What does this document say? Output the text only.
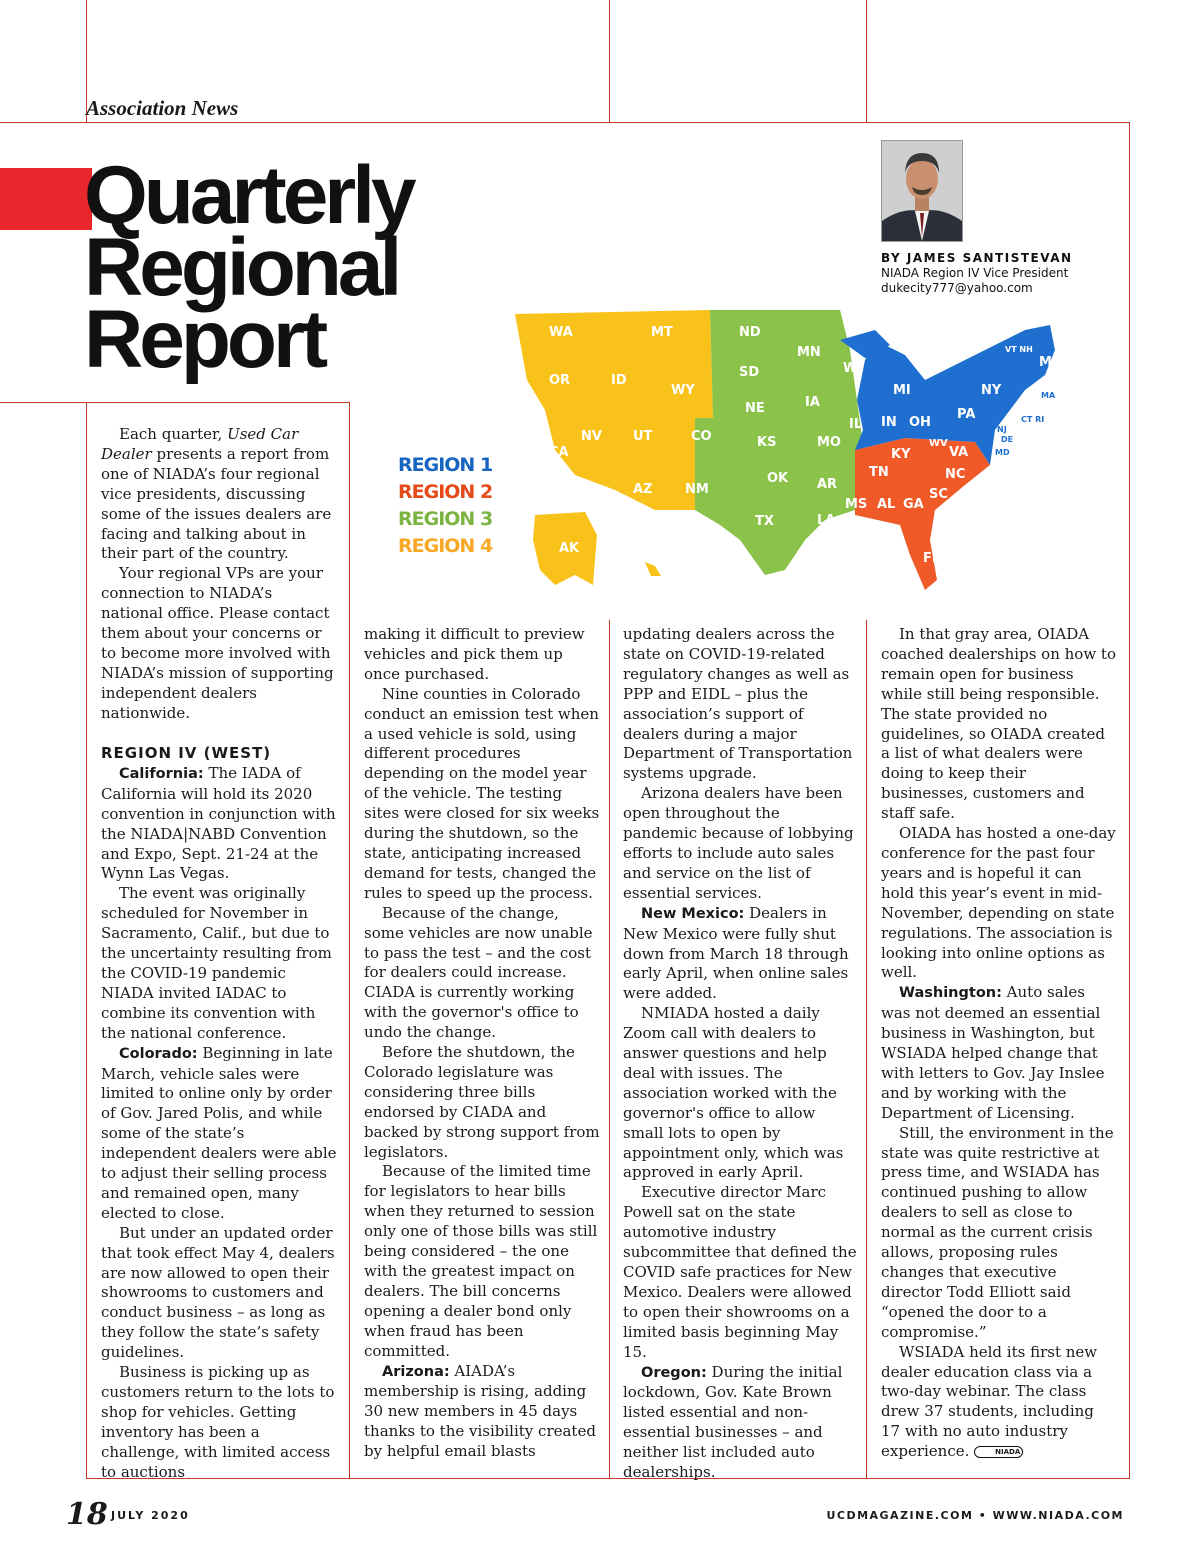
Association News
Quarterly
Regional
Report
BY JAMES SANTISTEVAN
NIADA Region IV Vice President
dukecity777@yahoo.com
WA	MT	ND
MN
SD	WI
OR	ID
WY
NE	IA
IL
NV UT	CO	KS	MO
CA
OK AR
AZ	NM
TX	LA
MS
AK
HI
AL GA
SC
TN
KY
NC
FL
MI
IN OH
PA
NY
WV
VA
ME
VT NH
MA
CT RI
NJ
DE
MD
REGION 1
REGION 2
REGION 3
REGION 4

Each quarter, Used Car Dealer presents a report from one of NIADA’s four regional vice presidents, discussing some of the issues dealers are facing and talking about in their part of the country.

Your regional VPs are your connection to NIADA’s national office. Please contact them about your concerns or to become more involved with NIADA’s mission of supporting independent dealers nationwide.

REGION IV (WEST)

California: The IADA of California will hold its 2020 convention in conjunction with the NIADA|NABD Convention and Expo, Sept. 21-24 at the Wynn Las Vegas.

The event was originally scheduled for November in Sacramento, Calif., but due to the uncertainty resulting from the COVID-19 pandemic NIADA invited IADAC to combine its convention with the national conference.

Colorado: Beginning in late March, vehicle sales were limited to online only by order of Gov. Jared Polis, and while some of the state’s independent dealers were able to adjust their selling process and remained open, many elected to close.

But under an updated order that took effect May 4, dealers are now allowed to open their showrooms to customers and conduct business – as long as they follow the state’s safety guidelines.

Business is picking up as customers return to the lots to shop for vehicles. Getting inventory has been a challenge, with limited access to auctions

making it difficult to preview vehicles and pick them up once purchased.

Nine counties in Colorado conduct an emission test when a used vehicle is sold, using different procedures depending on the model year of the vehicle. The testing sites were closed for six weeks during the shutdown, so the state, anticipating increased demand for tests, changed the rules to speed up the process.

Because of the change, some vehicles are now unable to pass the test – and the cost for dealers could increase. CIADA is currently working with the governor's office to undo the change.

Before the shutdown, the Colorado legislature was considering three bills endorsed by CIADA and backed by strong support from legislators.

Because of the limited time for legislators to hear bills when they returned to session only one of those bills was still being considered – the one with the greatest impact on dealers. The bill concerns opening a dealer bond only when fraud has been committed.

Arizona: AIADA’s membership is rising, adding 30 new members in 45 days thanks to the visibility created by helpful email blasts

updating dealers across the state on COVID-19-related regulatory changes as well as PPP and EIDL – plus the association’s support of dealers during a major Department of Transportation systems upgrade.

Arizona dealers have been open throughout the pandemic because of lobbying efforts to include auto sales and service on the list of essential services.

New Mexico: Dealers in New Mexico were fully shut down from March 18 through early April, when online sales were added.

NMIADA hosted a daily Zoom call with dealers to answer questions and help deal with issues. The association worked with the governor's office to allow small lots to open by appointment only, which was approved in early April.

Executive director Marc Powell sat on the state automotive industry subcommittee that defined the COVID safe practices for New Mexico. Dealers were allowed to open their showrooms on a limited basis beginning May 15.

Oregon: During the initial lockdown, Gov. Kate Brown listed essential and non-essential businesses – and neither list included auto dealerships.

In that gray area, OIADA coached dealerships on how to remain open for business while still being responsible. The state provided no guidelines, so OIADA created a list of what dealers were doing to keep their businesses, customers and staff safe.

OIADA has hosted a one-day conference for the past four years and is hopeful it can hold this year’s event in mid-November, depending on state regulations. The association is looking into online options as well.

Washington: Auto sales was not deemed an essential business in Washington, but WSIADA helped change that with letters to Gov. Jay Inslee and by working with the Department of Licensing.

Still, the environment in the state was quite restrictive at press time, and WSIADA has continued pushing to allow dealers to sell as close to normal as the current crisis allows, proposing rules changes that executive director Todd Elliott said “opened the door to a compromise.”

WSIADA held its first new dealer education class via a two-day webinar. The class drew 37 students, including 17 with no auto industry experience.	NIADA

18 JULY 2020	UCDMAGAZINE.COM • WWW.NIADA.COM
